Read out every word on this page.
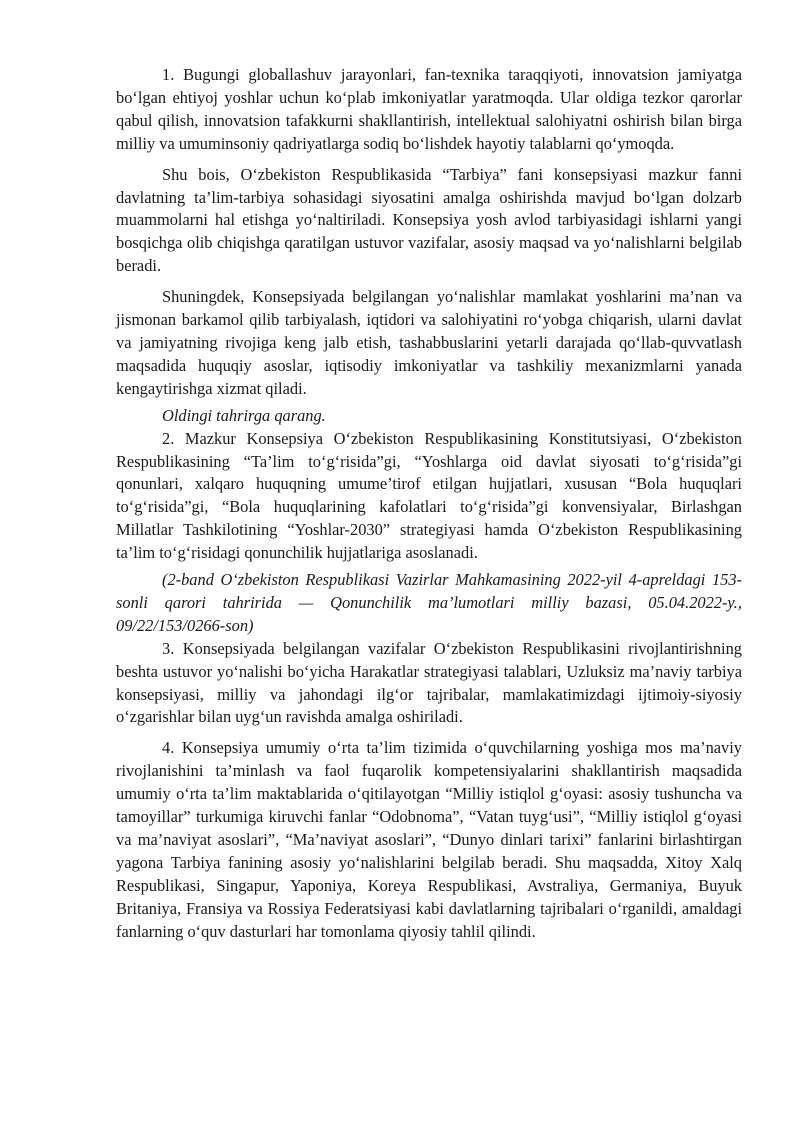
1. Bugungi globallashuv jarayonlari, fan-texnika taraqqiyoti, innovatsion jamiyatga bo‘lgan ehtiyoj yoshlar uchun ko‘plab imkoniyatlar yaratmoqda. Ular oldiga tezkor qarorlar qabul qilish, innovatsion tafakkurni shakllantirish, intellektual salohiyatni oshirish bilan birga milliy va umuminsoniy qadriyatlarga sodiq bo‘lishdek hayotiy talablarni qo‘ymoqda.

Shu bois, O‘zbekiston Respublikasida “Tarbiya” fani konsepsiyasi mazkur fanni davlatning ta’lim-tarbiya sohasidagi siyosatini amalga oshirishda mavjud bo‘lgan dolzarb muammolarni hal etishga yo‘naltiriladi. Konsepsiya yosh avlod tarbiyasidagi ishlarni yangi bosqichga olib chiqishga qaratilgan ustuvor vazifalar, asosiy maqsad va yo‘nalishlarni belgilab beradi.

Shuningdek, Konsepsiyada belgilangan yo‘nalishlar mamlakat yoshlarini ma’nan va jismonan barkamol qilib tarbiyalash, iqtidori va salohiyatini ro‘yobga chiqarish, ularni davlat va jamiyatning rivojiga keng jalb etish, tashabbuslarini yetarli darajada qo‘llab-quvvatlash maqsadida huquqiy asoslar, iqtisodiy imkoniyatlar va tashkiliy mexanizmlarni yanada kengaytirishga xizmat qiladi.

Oldingi tahrirga qarang.

2. Mazkur Konsepsiya O‘zbekiston Respublikasining Konstitutsiyasi, O‘zbekiston Respublikasining “Ta’lim to‘g‘risida”gi, “Yoshlarga oid davlat siyosati to‘g‘risida”gi qonunlari, xalqaro huquqning umume’tirof etilgan hujjatlari, xususan “Bola huquqlari to‘g‘risida”gi, “Bola huquqlarining kafolatlari to‘g‘risida”gi konvensiyalar, Birlashgan Millatlar Tashkilotining “Yoshlar-2030” strategiyasi hamda O‘zbekiston Respublikasining ta’lim to‘g‘risidagi qonunchilik hujjatlariga asoslanadi.

(2-band O‘zbekiston Respublikasi Vazirlar Mahkamasining 2022-yil 4-apreldagi 153-sonli qarori tahririda — Qonunchilik ma’lumotlari milliy bazasi, 05.04.2022-y., 09/22/153/0266-son)

3. Konsepsiyada belgilangan vazifalar O‘zbekiston Respublikasini rivojlantirishning beshta ustuvor yo‘nalishi bo‘yicha Harakatlar strategiyasi talablari, Uzluksiz ma’naviy tarbiya konsepsiyasi, milliy va jahondagi ilg‘or tajribalar, mamlakatimizdagi ijtimoiy-siyosiy o‘zgarishlar bilan uyg‘un ravishda amalga oshiriladi.

4. Konsepsiya umumiy o‘rta ta’lim tizimida o‘quvchilarning yoshiga mos ma’naviy rivojlanishini ta’minlash va faol fuqarolik kompetensiyalarini shakllantirish maqsadida umumiy o‘rta ta’lim maktablarida o‘qitilayotgan “Milliy istiqlol g‘oyasi: asosiy tushuncha va tamoyillar” turkumiga kiruvchi fanlar “Odobnoma”, “Vatan tuyg‘usi”, “Milliy istiqlol g‘oyasi va ma’naviyat asoslari”, “Ma’naviyat asoslari”, “Dunyo dinlari tarixi” fanlarini birlashtirgan yagona Tarbiya fanining asosiy yo‘nalishlarini belgilab beradi. Shu maqsadda, Xitoy Xalq Respublikasi, Singapur, Yaponiya, Koreya Respublikasi, Avstraliya, Germaniya, Buyuk Britaniya, Fransiya va Rossiya Federatsiyasi kabi davlatlarning tajribalari o‘rganildi, amaldagi fanlarning o‘quv dasturlari har tomonlama qiyosiy tahlil qilindi.
